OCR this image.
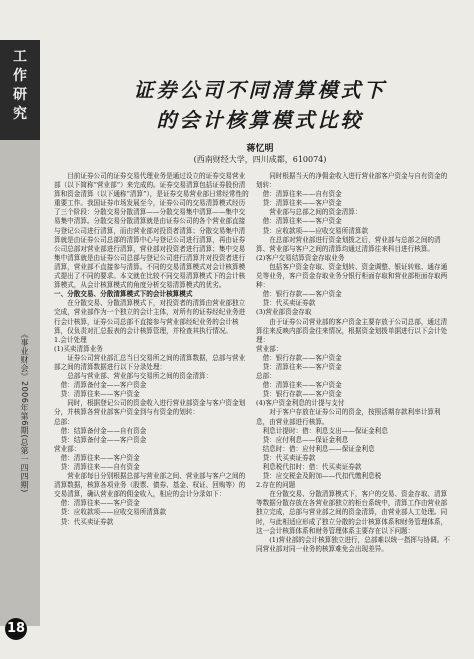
工
作
研
究
《事业财会》2006年第6期(总第一四四期)
18
证券公司不同清算模式下
的会计核算模式比较
蒋忆明
(西南财经大学，四川成都，610074)

目前证券公司的证券交易代理业务是通过设立的证券交易营业部（以下简称“营业部”）来完成的。证券交易清算包括证券股份清算和资金清算（以下通称“清算”），是证券交易营业部日常经常性的重要工作。我国证券市场发展至今，证券公司的交易清算模式经历了三个阶段：分散交易分散清算——分散交易集中清算——集中交易集中清算。分散交易分散清算就是由证券公司的各个营业部直接与登记公司进行清算，而由营业部对投资者清算；分散交易集中清算就是由证券公司总部的清算中心与登记公司进行清算，再由证券公司总部对营业部进行清算，营业部对投资者进行清算；集中交易集中清算就是由证券公司总部与登记公司进行清算并对投资者进行清算，营业部不直接参与清算。不同的交易清算模式对会计核算模式提出了不同的要求。本文就在比较不同交易清算模式下的会计核算模式，从会计核算模式的角度分析交易清算模式的优劣。

一、分散交易、分散清算模式下的会计核算模式

在分散交易、分散清算模式下，对投资者的清算由营业部独立完成，营业部作为一个独立的会计主体，对所有的证券经纪业务进行会计核算，证券公司总部不直接参与营业部经纪业务的会计核算，仅负责对汇总报表的会计核算管理，并检查其执行情况。

1.会计处理

(1)买卖清算业务

证券公司营业部汇总当日交易所之间的清算数据，总部与营业部之间的清算数据进行以下分录处理：

总部与营业部、营业部与交易所之间的资金清算：

借：清算备付金——客户资金

贷：清算往来——客户资金

同时，根据登记公司的资金收入进行营业部资金与客户资金划分，并核算各营业部客户资金到与有资金的划转：

总部：

借：结算备付金——自有资金

贷：结算备付金——客户资金

营业部：

借：清算往来——客户资金

贷：清算往来——自有资金

营业部每日分别根据总部与营业部之间、营业部与客户之间的清算数据，核算各项业务（股票、债券、基金、权证、回购等）的交易清算，确认营业部的佣金收入，相应的会计分录如下：

借：清算往来——客户资金

贷：应收款项——应收交易所清算款

贷：代买卖证券款

同时根据当天的净佣金收入进行营业部客户资金与自有资金的划转：

借：清算往来——自有资金

贷：清算往来——客户资金

营业部与总部之间的资金清算：

借：清算往来——客户资金

贷：应收款项——应收交易所清算款

在总部对营业部进行资金划拨之后，营业部与总部之间的清算、营业部与客户之间的清算均通过清算往来科目进行核算。

(2)客户交易结算资金存取业务

包括客户资金存取、资金划转、资金调整、银证转账、通存通兑等业务，客户资金存取业务分银行柜面存取和营业部柜面存取两种：

借：银行存款——客户资金

贷：代买卖证券款

(3)营业部资金存取

由于证券公司营业部的客户资金主要存放于公司总部，通过清算往来反映内部资金往来情况，根据资金划拨单据进行以下会计处理：

营业部：

借：银行存款——客户资金

贷：清算往来——客户资金

总部：

借：清算往来——客户资金

贷：银行存款——客户资金

(4)客户资金利息的计提与支付

对于客户存放在证券公司的资金，按照活期存款利率计算利息，由营业部进行核算。

利息计提时：借：利息支出——保证金利息

贷：应付利息——保证金利息

结息时：借：应付利息——保证金利息

贷：代买卖证券款

利息税代扣时：借：代买卖证券款

贷：应交税金及附加——代扣代缴利息税

2.存在的问题

在分散交易、分散清算模式下，客户的交易、资金存取、清算等数据分散存放在各营业部独立的柜台系统中，清算工作由营业部独立完成，总部与营业部之间的资金清算，由营业部人工处理。同时，与此相适应形成了独立分散的会计核算体系和财务管理体系，这一会计核算体系和财务管理体系主要存在以下问题：

(1)营业部的会计核算独立进行，总部难以统一指挥与协调。不同营业部对同一业务的核算难免会出现差异。
